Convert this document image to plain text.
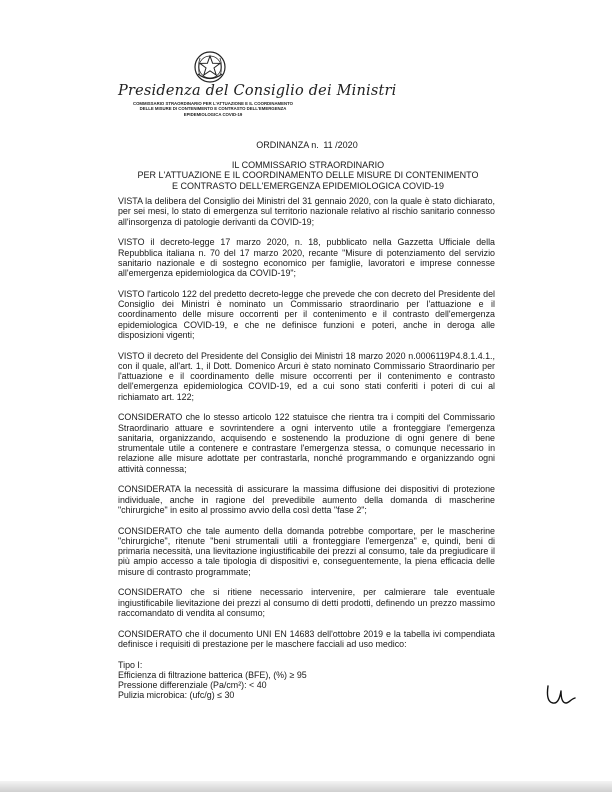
Presidenza del Consiglio dei Ministri
COMMISSARIO STRAORDINARIO PER L'ATTUAZIONE E IL COORDINAMENTO
DELLE MISURE DI CONTENIMENTO E CONTRASTO DELL'EMERGENZA
EPIDEMIOLOGICA COVID-19
ORDINANZA n. 11 /2020
IL COMMISSARIO STRAORDINARIO
PER L'ATTUAZIONE E IL COORDINAMENTO DELLE MISURE DI CONTENIMENTO
E CONTRASTO DELL'EMERGENZA EPIDEMIOLOGICA COVID-19

VISTA la delibera del Consiglio dei Ministri del 31 gennaio 2020, con la quale è stato dichiarato, per sei mesi, lo stato di emergenza sul territorio nazionale relativo al rischio sanitario connesso all'insorgenza di patologie derivanti da COVID-19;

VISTO il decreto-legge 17 marzo 2020, n. 18, pubblicato nella Gazzetta Ufficiale della Repubblica italiana n. 70 del 17 marzo 2020, recante "Misure di potenziamento del servizio sanitario nazionale e di sostegno economico per famiglie, lavoratori e imprese connesse all'emergenza epidemiologica da COVID-19";

VISTO l'articolo 122 del predetto decreto-legge che prevede che con decreto del Presidente del Consiglio dei Ministri è nominato un Commissario straordinario per l'attuazione e il coordinamento delle misure occorrenti per il contenimento e il contrasto dell'emergenza epidemiologica COVID-19, e che ne definisce funzioni e poteri, anche in deroga alle disposizioni vigenti;

VISTO il decreto del Presidente del Consiglio dei Ministri 18 marzo 2020 n.0006119P4.8.1.4.1., con il quale, all'art. 1, il Dott. Domenico Arcuri è stato nominato Commissario Straordinario per l'attuazione e il coordinamento delle misure occorrenti per il contenimento e contrasto dell'emergenza epidemiologica COVID-19, ed a cui sono stati conferiti i poteri di cui al richiamato art. 122;

CONSIDERATO che lo stesso articolo 122 statuisce che rientra tra i compiti del Commissario Straordinario attuare e sovrintendere a ogni intervento utile a fronteggiare l'emergenza sanitaria, organizzando, acquisendo e sostenendo la produzione di ogni genere di bene strumentale utile a contenere e contrastare l'emergenza stessa, o comunque necessario in relazione alle misure adottate per contrastarla, nonché programmando e organizzando ogni attività connessa;

CONSIDERATA la necessità di assicurare la massima diffusione dei dispositivi di protezione individuale, anche in ragione del prevedibile aumento della domanda di mascherine "chirurgiche" in esito al prossimo avvio della così detta "fase 2";

CONSIDERATO che tale aumento della domanda potrebbe comportare, per le mascherine "chirurgiche", ritenute "beni strumentali utili a fronteggiare l'emergenza" e, quindi, beni di primaria necessità, una lievitazione ingiustificabile dei prezzi al consumo, tale da pregiudicare il più ampio accesso a tale tipologia di dispositivi e, conseguentemente, la piena efficacia delle misure di contrasto programmate;

CONSIDERATO che si ritiene necessario intervenire, per calmierare tale eventuale ingiustificabile lievitazione dei prezzi al consumo di detti prodotti, definendo un prezzo massimo raccomandato di vendita al consumo;

CONSIDERATO che il documento UNI EN 14683 dell'ottobre 2019 e la tabella ivi compendiata definisce i requisiti di prestazione per le maschere facciali ad uso medico:

Tipo I:
Efficienza di filtrazione batterica (BFE), (%) ≥ 95
Pressione differenziale (Pa/cm²): < 40
Pulizia microbica: (ufc/g) ≤ 30
